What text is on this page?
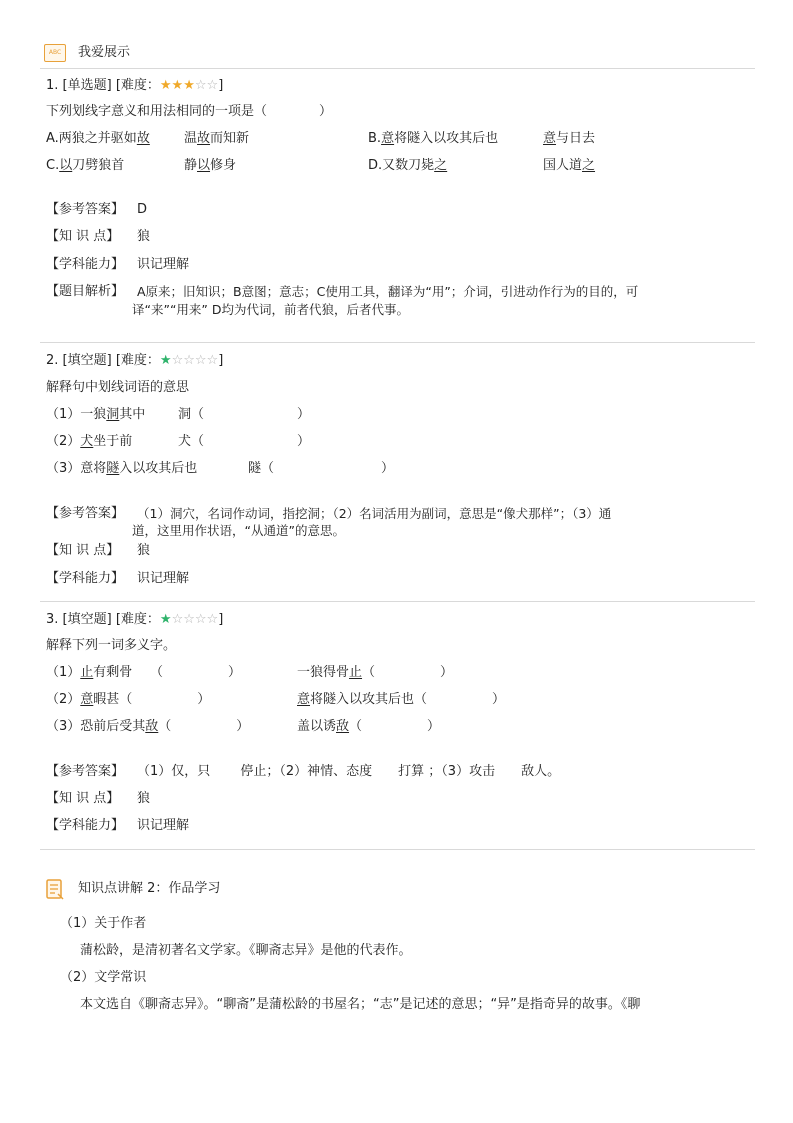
ABC 我爱展示
1. [单选题] [难度：★★★☆☆]
下列划线字意义和用法相同的一项是（　　　　）
A.两狼之并驱如故	温故而知新	B.意将隧入以攻其后也	意与日去
C.以刀劈狼首	静以修身	D.又数刀毙之	国人道之
【参考答案】 D
【知 识 点】 狼
【学科能力】 识记理解
【题目解析】 A原来；旧知识；B意图；意志；C使用工具，翻译为“用”；介词，引进动作行为的目的，可
译“来”“用来” D均为代词，前者代狼，后者代事。
2. [填空题] [难度：★☆☆☆☆]
解释句中划线词语的意思
（1）一狼洞其中	洞（	）
（2）犬坐于前	犬（	）
（3）意将隧入以攻其后也	隧（	）
【参考答案】 （1）洞穴，名词作动词，指挖洞；（2）名词活用为副词，意思是“像犬那样”；（3）通
道，这里用作状语，“从通道”的意思。
【知 识 点】 狼
【学科能力】 识记理解
3. [填空题] [难度：★☆☆☆☆]
解释下列一词多义字。
（1）止有剩骨 （　　　　　）	一狼得骨止（　　　　　）
（2）意暇甚（　　　　　）	意将隧入以攻其后也（　　　　　）
（3）恐前后受其敌（　　　　　）	盖以诱敌（　　　　　）
【参考答案】 （1）仅，只　　 停止；（2）神情、态度　　打算 ；（3）攻击　　敌人。
【知 识 点】 狼
【学科能力】 识记理解
知识点讲解 2：作品学习
（1）关于作者
蒲松龄，是清初著名文学家。《聊斋志异》是他的代表作。
（2）文学常识
本文选自《聊斋志异》。“聊斋”是蒲松龄的书屋名；“志”是记述的意思；“异”是指奇异的故事。《聊
